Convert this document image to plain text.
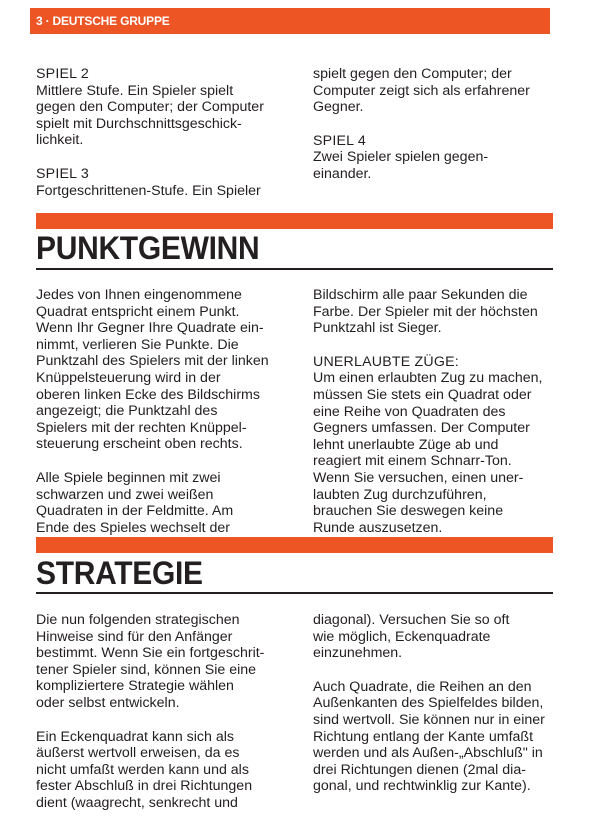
3 · DEUTSCHE GRUPPE

SPIEL 2

Mittlere Stufe. Ein Spieler spielt
gegen den Computer; der Computer
spielt mit Durchschnittsgeschick-
lichkeit.

SPIEL 3

Fortgeschrittenen-Stufe. Ein Spieler
spielt gegen den Computer; der
Computer zeigt sich als erfahrener
Gegner.

SPIEL 4

Zwei Spieler spielen gegen-
einander.
PUNKTGEWINN
Jedes von Ihnen eingenommene
Quadrat entspricht einem Punkt.
Wenn Ihr Gegner Ihre Quadrate ein-
nimmt, verlieren Sie Punkte. Die
Punktzahl des Spielers mit der linken
Knüppelsteuerung wird in der
oberen linken Ecke des Bildschirms
angezeigt; die Punktzahl des
Spielers mit der rechten Knüppel-
steuerung erscheint oben rechts.
Alle Spiele beginnen mit zwei
schwarzen und zwei weißen
Quadraten in der Feldmitte. Am
Ende des Spieles wechselt der
Bildschirm alle paar Sekunden die
Farbe. Der Spieler mit der höchsten
Punktzahl ist Sieger.

UNERLAUBTE ZÜGE:

Um einen erlaubten Zug zu machen,
müssen Sie stets ein Quadrat oder
eine Reihe von Quadraten des
Gegners umfassen. Der Computer
lehnt unerlaubte Züge ab und
reagiert mit einem Schnarr-Ton.
Wenn Sie versuchen, einen uner-
laubten Zug durchzuführen,
brauchen Sie deswegen keine
Runde auszusetzen.
STRATEGIE
Die nun folgenden strategischen
Hinweise sind für den Anfänger
bestimmt. Wenn Sie ein fortgeschrit-
tener Spieler sind, können Sie eine
kompliziertere Strategie wählen
oder selbst entwickeln.
Ein Eckenquadrat kann sich als
äußerst wertvoll erweisen, da es
nicht umfaßt werden kann und als
fester Abschluß in drei Richtungen
dient (waagrecht, senkrecht und
diagonal). Versuchen Sie so oft
wie möglich, Eckenquadrate
einzunehmen.
Auch Quadrate, die Reihen an den
Außenkanten des Spielfeldes bilden,
sind wertvoll. Sie können nur in einer
Richtung entlang der Kante umfaßt
werden und als Außen-„Abschluß" in
drei Richtungen dienen (2mal dia-
gonal, und rechtwinklig zur Kante).
